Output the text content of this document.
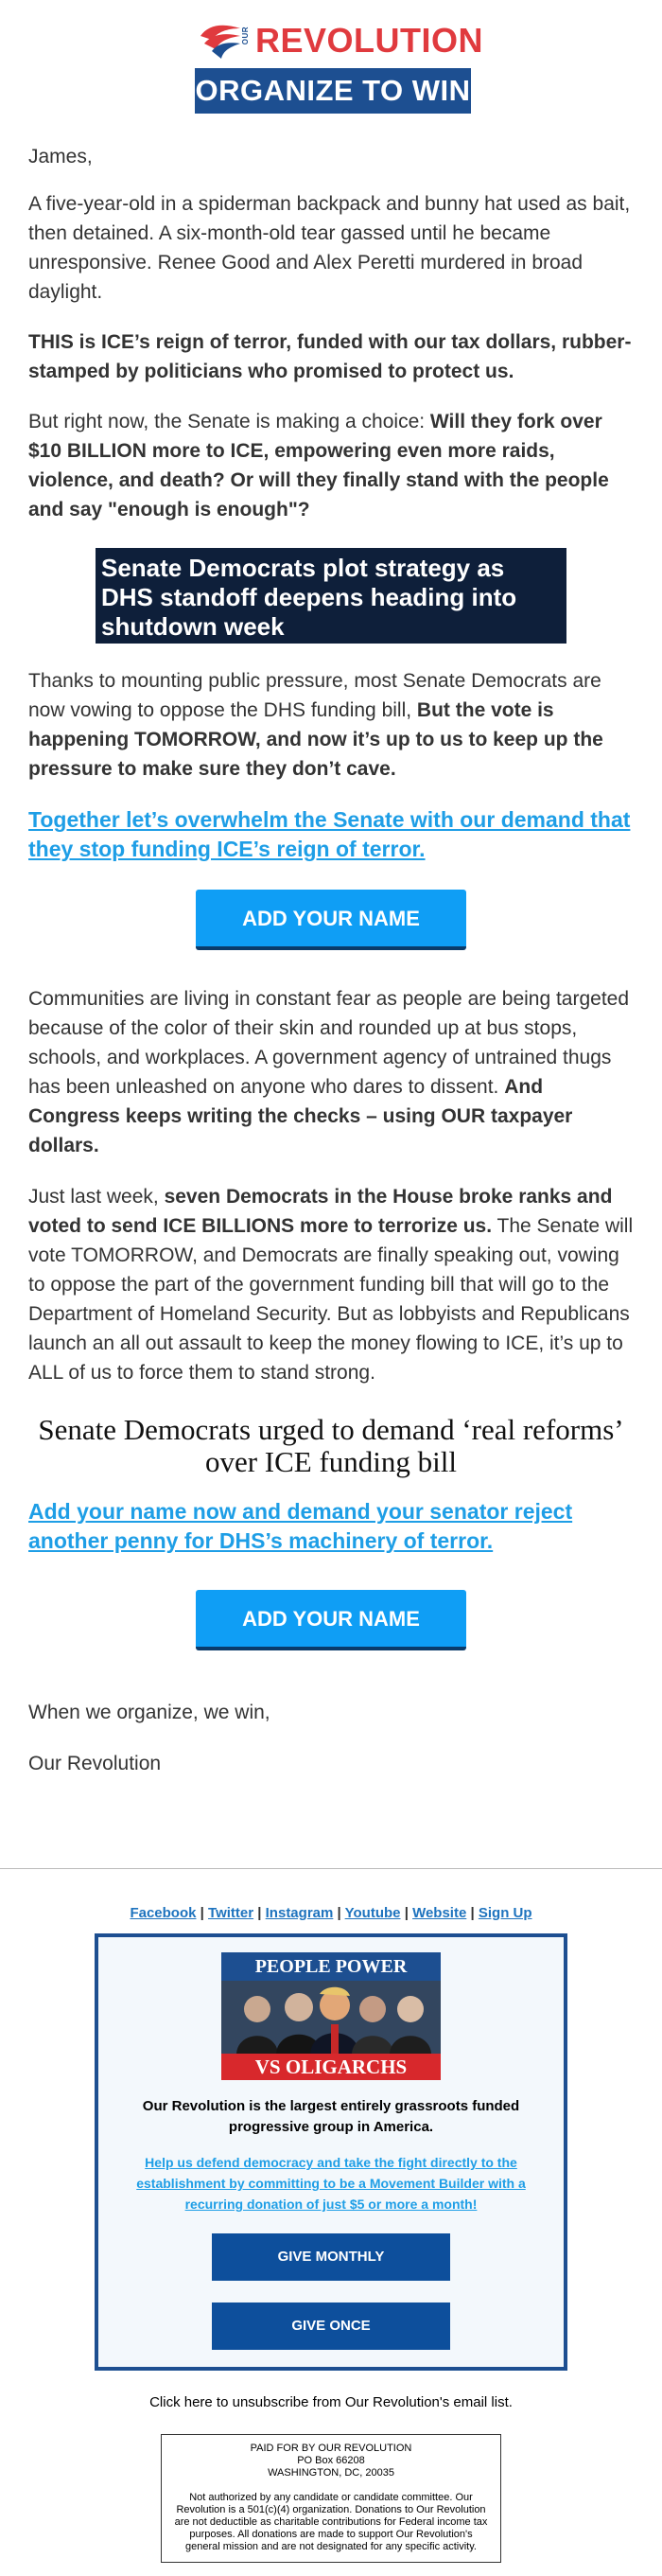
OUR REVOLUTION
ORGANIZE TO WIN

James,

A five-year-old in a spiderman backpack and bunny hat used as bait, then detained. A six-month-old tear gassed until he became unresponsive. Renee Good and Alex Peretti murdered in broad daylight.

THIS is ICE’s reign of terror, funded with our tax dollars, rubber-stamped by politicians who promised to protect us.

But right now, the Senate is making a choice: Will they fork over $10 BILLION more to ICE, empowering even more raids, violence, and death? Or will they finally stand with the people and say "enough is enough"?

Senate Democrats plot strategy as DHS standoff deepens heading into shutdown week

Thanks to mounting public pressure, most Senate Democrats are now vowing to oppose the DHS funding bill, But the vote is happening TOMORROW, and now it’s up to us to keep up the pressure to make sure they don’t cave.

Together let’s overwhelm the Senate with our demand that they stop funding ICE’s reign of terror.
ADD YOUR NAME

Communities are living in constant fear as people are being targeted because of the color of their skin and rounded up at bus stops, schools, and workplaces. A government agency of untrained thugs has been unleashed on anyone who dares to dissent. And Congress keeps writing the checks – using OUR taxpayer dollars.

Just last week, seven Democrats in the House broke ranks and voted to send ICE BILLIONS more to terrorize us. The Senate will vote TOMORROW, and Democrats are finally speaking out, vowing to oppose the part of the government funding bill that will go to the Department of Homeland Security. But as lobbyists and Republicans launch an all out assault to keep the money flowing to ICE, it’s up to ALL of us to force them to stand strong.

Senate Democrats urged to demand ‘real reforms’ over ICE funding bill
Add your name now and demand your senator reject another penny for DHS’s machinery of terror.
ADD YOUR NAME

When we organize, we win,

Our Revolution

Facebook | Twitter | Instagram | Youtube | Website | Sign Up
PEOPLE POWER
VS OLIGARCHS
Our Revolution is the largest entirely grassroots funded progressive group in America.
Help us defend democracy and take the fight directly to the establishment by committing to be a Movement Builder with a recurring donation of just $5 or more a month!
GIVE MONTHLY
GIVE ONCE
Click here to unsubscribe from Our Revolution's email list.
PAID FOR BY OUR REVOLUTION
PO Box 66208
WASHINGTON, DC, 20035
Not authorized by any candidate or candidate committee. Our Revolution is a 501(c)(4) organization. Donations to Our Revolution are not deductible as charitable contributions for Federal income tax purposes. All donations are made to support Our Revolution's general mission and are not designated for any specific activity.
